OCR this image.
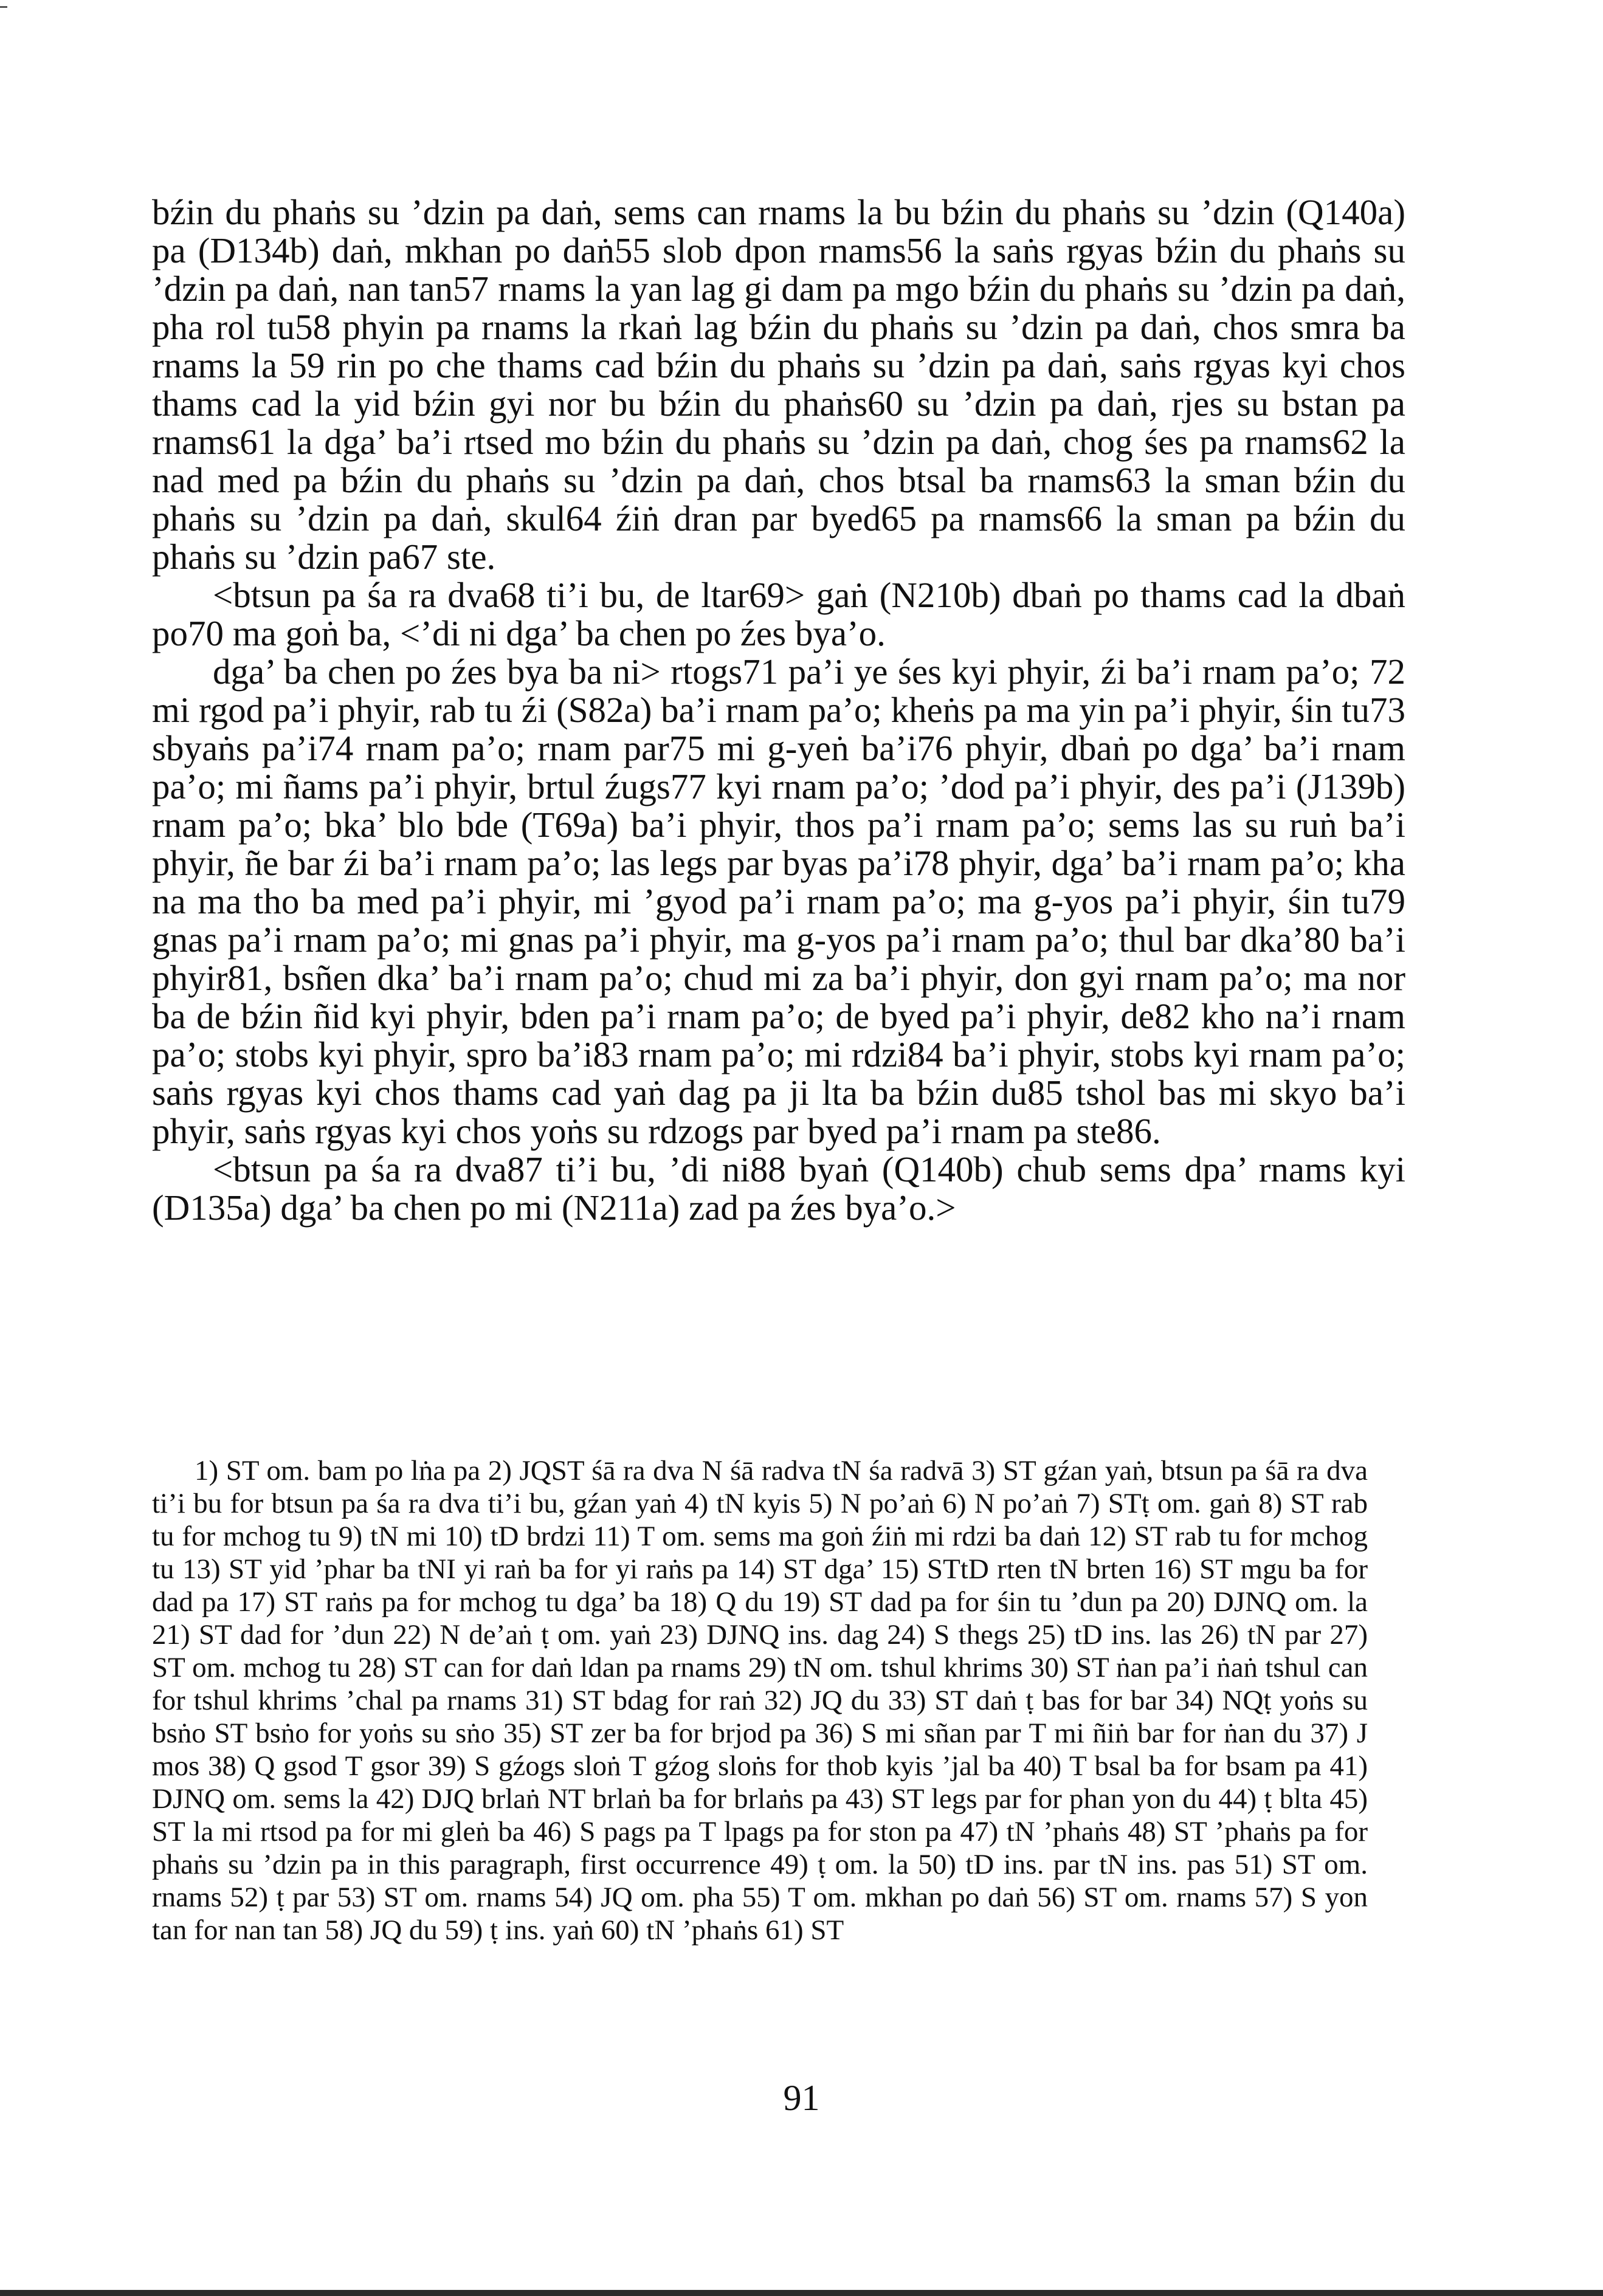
bźin du phaṅs su ’dzin pa daṅ, sems can rnams la bu bźin du phaṅs su ’dzin (Q140a) pa (D134b) daṅ, mkhan po daṅ55 slob dpon rnams56 la saṅs rgyas bźin du phaṅs su ’dzin pa daṅ, nan tan57 rnams la yan lag gi dam pa mgo bźin du phaṅs su ’dzin pa daṅ, pha rol tu58 phyin pa rnams la rkaṅ lag bźin du phaṅs su ’dzin pa daṅ, chos smra ba rnams la 59 rin po che thams cad bźin du phaṅs su ’dzin pa daṅ, saṅs rgyas kyi chos thams cad la yid bźin gyi nor bu bźin du phaṅs60 su ’dzin pa daṅ, rjes su bstan pa rnams61 la dga’ ba’i rtsed mo bźin du phaṅs su ’dzin pa daṅ, chog śes pa rnams62 la nad med pa bźin du phaṅs su ’dzin pa daṅ, chos btsal ba rnams63 la sman bźin du phaṅs su ’dzin pa daṅ, skul64 źiṅ dran par byed65 pa rnams66 la sman pa bźin du phaṅs su ’dzin pa67 ste.

<btsun pa śa ra dva68 ti’i bu, de ltar69> gaṅ (N210b) dbaṅ po thams cad la dbaṅ po70 ma goṅ ba, <’di ni dga’ ba chen po źes bya’o.

dga’ ba chen po źes bya ba ni> rtogs71 pa’i ye śes kyi phyir, źi ba’i rnam pa’o; 72 mi rgod pa’i phyir, rab tu źi (S82a) ba’i rnam pa’o; kheṅs pa ma yin pa’i phyir, śin tu73 sbyaṅs pa’i74 rnam pa’o; rnam par75 mi g-yeṅ ba’i76 phyir, dbaṅ po dga’ ba’i rnam pa’o; mi ñams pa’i phyir, brtul źugs77 kyi rnam pa’o; ’dod pa’i phyir, des pa’i (J139b) rnam pa’o; bka’ blo bde (T69a) ba’i phyir, thos pa’i rnam pa’o; sems las su ruṅ ba’i phyir, ñe bar źi ba’i rnam pa’o; las legs par byas pa’i78 phyir, dga’ ba’i rnam pa’o; kha na ma tho ba med pa’i phyir, mi ’gyod pa’i rnam pa’o; ma g-yos pa’i phyir, śin tu79 gnas pa’i rnam pa’o; mi gnas pa’i phyir, ma g-yos pa’i rnam pa’o; thul bar dka’80 ba’i phyir81, bsñen dka’ ba’i rnam pa’o; chud mi za ba’i phyir, don gyi rnam pa’o; ma nor ba de bźin ñid kyi phyir, bden pa’i rnam pa’o; de byed pa’i phyir, de82 kho na’i rnam pa’o; stobs kyi phyir, spro ba’i83 rnam pa’o; mi rdzi84 ba’i phyir, stobs kyi rnam pa’o; saṅs rgyas kyi chos thams cad yaṅ dag pa ji lta ba bźin du85 tshol bas mi skyo ba’i phyir, saṅs rgyas kyi chos yoṅs su rdzogs par byed pa’i rnam pa ste86.

<btsun pa śa ra dva87 ti’i bu, ’di ni88 byaṅ (Q140b) chub sems dpa’ rnams kyi (D135a) dga’ ba chen po mi (N211a) zad pa źes bya’o.>

1) ST om. bam po lṅa pa 2) JQST śā ra dva N śā radva tN śa radvā 3) ST gźan yaṅ, btsun pa śā ra dva ti’i bu for btsun pa śa ra dva ti’i bu, gźan yaṅ 4) tN kyis 5) N po’aṅ 6) N po’aṅ 7) STṭ om. gaṅ 8) ST rab tu for mchog tu 9) tN mi 10) tD brdzi 11) T om. sems ma goṅ źiṅ mi rdzi ba daṅ 12) ST rab tu for mchog tu 13) ST yid ’phar ba tNI yi raṅ ba for yi raṅs pa 14) ST dga’ 15) STtD rten tN brten 16) ST mgu ba for dad pa 17) ST raṅs pa for mchog tu dga’ ba 18) Q du 19) ST dad pa for śin tu ’dun pa 20) DJNQ om. la 21) ST dad for ’dun 22) N de’aṅ ṭ om. yaṅ 23) DJNQ ins. dag 24) S thegs 25) tD ins. las 26) tN par 27) ST om. mchog tu 28) ST can for daṅ ldan pa rnams 29) tN om. tshul khrims 30) ST ṅan pa’i ṅaṅ tshul can for tshul khrims ’chal pa rnams 31) ST bdag for raṅ 32) JQ du 33) ST daṅ ṭ bas for bar 34) NQṭ yoṅs su bsṅo ST bsṅo for yoṅs su sṅo 35) ST zer ba for brjod pa 36) S mi sñan par T mi ñiṅ bar for ṅan du 37) J mos 38) Q gsod T gsor 39) S gźogs sloṅ T gźog sloṅs for thob kyis ’jal ba 40) T bsal ba for bsam pa 41) DJNQ om. sems la 42) DJQ brlaṅ NT brlaṅ ba for brlaṅs pa 43) ST legs par for phan yon du 44) ṭ blta 45) ST la mi rtsod pa for mi gleṅ ba 46) S pags pa T lpags pa for ston pa 47) tN ’phaṅs 48) ST ’phaṅs pa for phaṅs su ’dzin pa in this paragraph, first occurrence 49) ṭ om. la 50) tD ins. par tN ins. pas 51) ST om. rnams 52) ṭ par 53) ST om. rnams 54) JQ om. pha 55) T om. mkhan po daṅ 56) ST om. rnams 57) S yon tan for nan tan 58) JQ du 59) ṭ ins. yaṅ 60) tN ’phaṅs 61) ST

91
